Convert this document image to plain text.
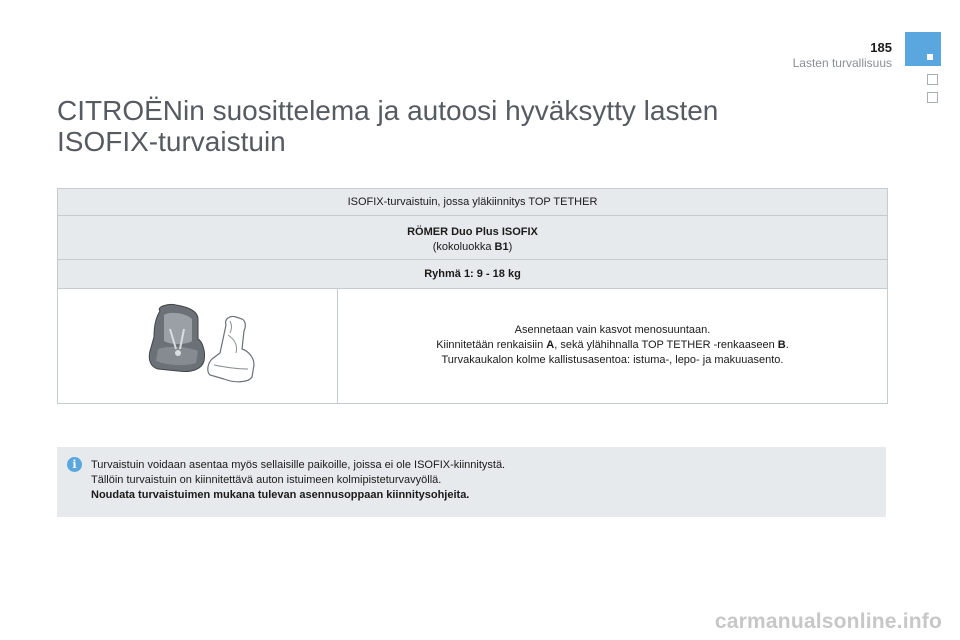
185
Lasten turvallisuus
CITROËNin suosittelema ja autoosi hyväksytty lasten
ISOFIX-turvaistuin
ISOFIX-turvaistuin, jossa yläkiinnitys TOP TETHER
RÖMER Duo Plus ISOFIX
(kokoluokka B1)
Ryhmä 1: 9 - 18 kg
Asennetaan vain kasvot menosuuntaan.
Kiinnitetään renkaisiin A, sekä ylähihnalla TOP TETHER -renkaaseen B.
Turvakaukalon kolme kallistusasentoa: istuma-, lepo- ja makuuasento.
i	Turvaistuin voidaan asentaa myös sellaisille paikoille, joissa ei ole ISOFIX-kiinnitystä.
Tällöin turvaistuin on kiinnitettävä auton istuimeen kolmipisteturvavyöllä.
Noudata turvaistuimen mukana tulevan asennusoppaan kiinnitysohjeita.
carmanualsonline.info
